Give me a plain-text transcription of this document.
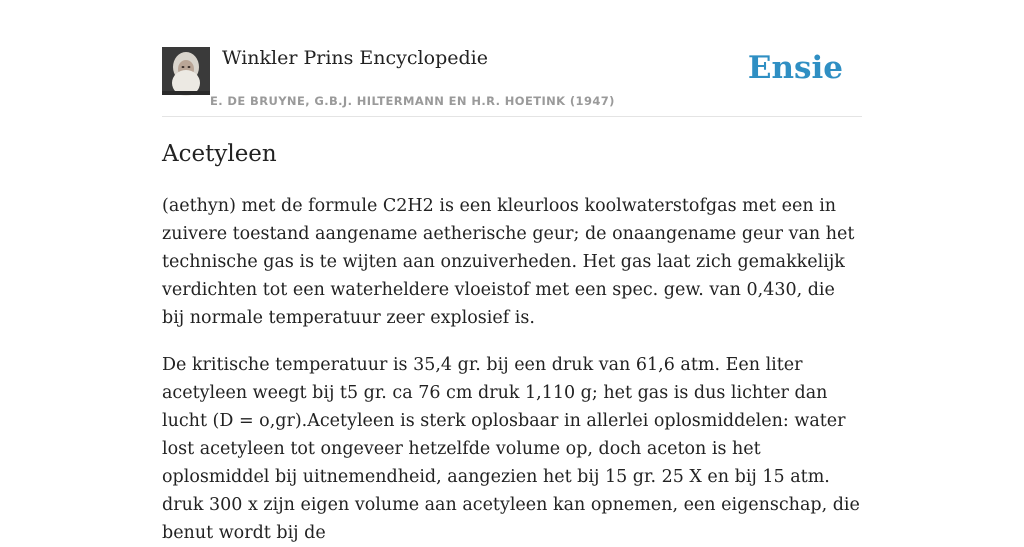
Winkler Prins Encyclopedie
E. DE BRUYNE, G.B.J. HILTERMANN EN H.R. HOETINK (1947)
Ensie
Acetyleen

(aethyn) met de formule C2H2 is een kleurloos koolwaterstofgas met een in zuivere toestand aangename aetherische geur; de onaangename geur van het technische gas is te wijten aan onzuiverheden. Het gas laat zich gemakkelijk verdichten tot een waterheldere vloeistof met een spec. gew. van 0,430, die bij normale temperatuur zeer explosief is.

De kritische temperatuur is 35,4 gr. bij een druk van 61,6 atm. Een liter acetyleen weegt bij t5 gr. ca 76 cm druk 1,110 g; het gas is dus lichter dan lucht (D = o,gr).Acetyleen is sterk oplosbaar in allerlei oplosmiddelen: water lost acetyleen tot ongeveer hetzelfde volume op, doch aceton is het oplosmiddel bij uitnemendheid, aangezien het bij 15 gr. 25 X en bij 15 atm. druk 300 x zijn eigen volume aan acetyleen kan opnemen, een eigenschap, die benut wordt bij de
